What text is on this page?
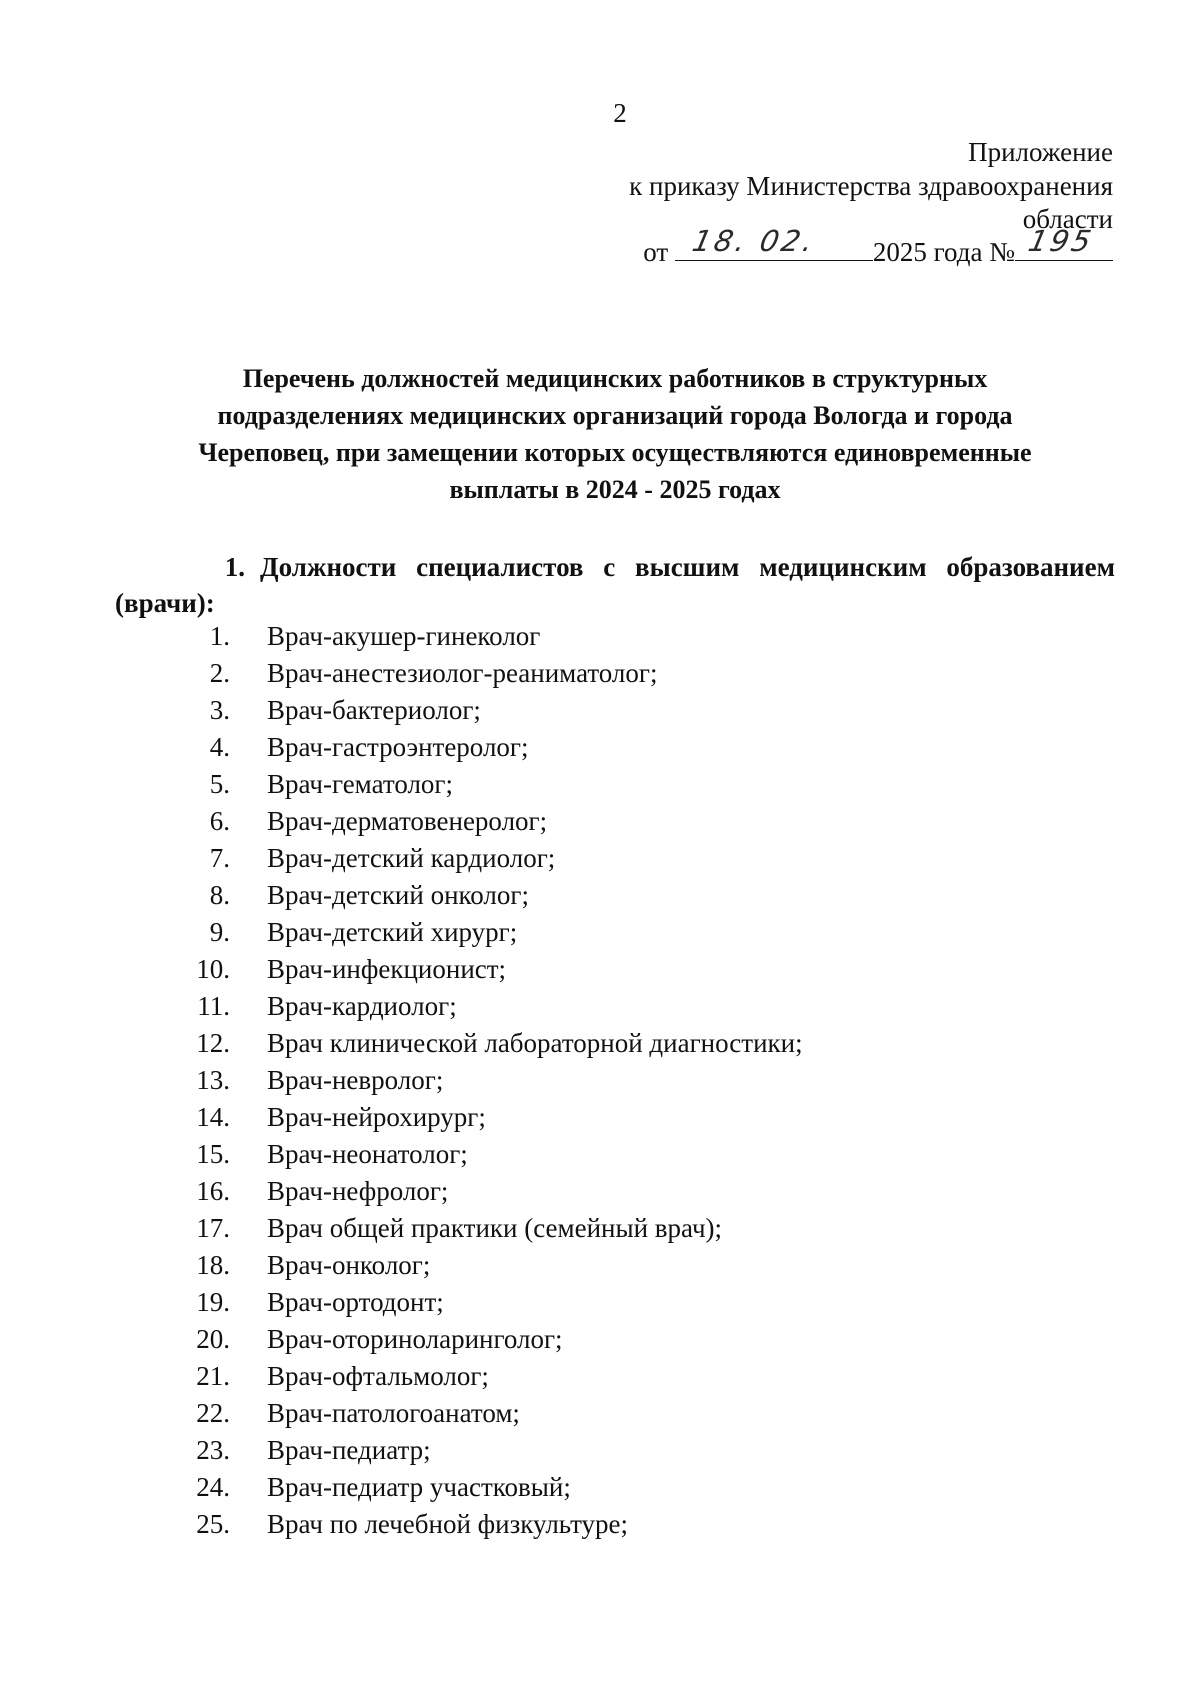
2
Приложение
к приказу Министерства здравоохранения
области
от 18. 02. 2025 года № 195
Перечень должностей медицинских работников в структурных
подразделениях медицинских организаций города Вологда и города
Череповец, при замещении которых осуществляются единовременные
выплаты в 2024 - 2025 годах
1. Должности специалистов с высшим медицинским образованием
(врачи):
1.	Врач-акушер-гинеколог
2.	Врач-анестезиолог-реаниматолог;
3.	Врач-бактериолог;
4.	Врач-гастроэнтеролог;
5.	Врач-гематолог;
6.	Врач-дерматовенеролог;
7.	Врач-детский кардиолог;
8.	Врач-детский онколог;
9.	Врач-детский хирург;
10.	Врач-инфекционист;
11.	Врач-кардиолог;
12.	Врач клинической лабораторной диагностики;
13.	Врач-невролог;
14.	Врач-нейрохирург;
15.	Врач-неонатолог;
16.	Врач-нефролог;
17.	Врач общей практики (семейный врач);
18.	Врач-онколог;
19.	Врач-ортодонт;
20.	Врач-оториноларинголог;
21.	Врач-офтальмолог;
22.	Врач-патологоанатом;
23.	Врач-педиатр;
24.	Врач-педиатр участковый;
25.	Врач по лечебной физкультуре;
